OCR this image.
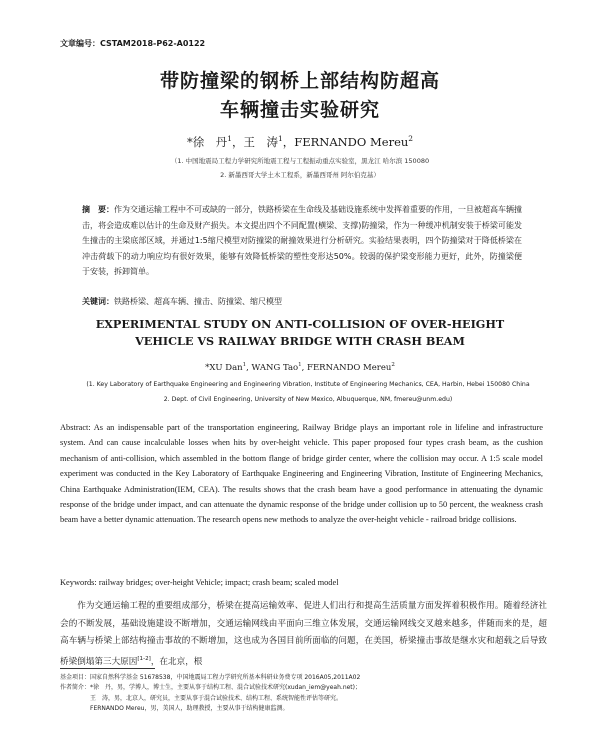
文章编号：CSTAM2018-P62-A0122
带防撞梁的钢桥上部结构防超高
车辆撞击实验研究
*徐　丹$^1$，王　涛$^1$，FERNANDO Mereu$^2$
（1. 中国地震局工程力学研究所地震工程与工程振动重点实验室，黑龙江 哈尔滨 150080
2. 新墨西哥大学土木工程系，新墨西哥州 阿尔伯克基）
摘　要：作为交通运输工程中不可或缺的一部分，铁路桥梁在生命线及基础设施系统中发挥着重要的作用，一旦被超高车辆撞击，将会造成难以估计的生命及财产损失。本文提出四个不同配置(横梁、支撑)防撞梁，作为一种缓冲机制安装于桥梁可能发生撞击的主梁底部区域，并通过1:5缩尺模型对防撞梁的耐撞效果进行分析研究。实验结果表明，四个防撞梁对于降低桥梁在冲击荷载下的动力响应均有很好效果，能够有效降低桥梁的塑性变形达50%。较弱的保护梁变形能力更好，此外，防撞梁便于安装，拆卸简单。
关键词：铁路桥梁、超高车辆、撞击、防撞梁、缩尺模型
EXPERIMENTAL STUDY ON ANTI-COLLISION OF OVER-HEIGHT
VEHICLE VS RAILWAY BRIDGE WITH CRASH BEAM
*XU Dan$^1$, WANG Tao$^1$, FERNANDO Mereu$^2$
(1. Key Laboratory of Earthquake Engineering and Engineering Vibration, Institute of Engineering Mechanics, CEA, Harbin, Hebei 150080 China
2. Dept. of Civil Engineering, University of New Mexico, Albuquerque, NM, fmereu@unm.edu)
Abstract: As an indispensable part of the transportation engineering, Railway Bridge plays an important role in lifeline and infrastructure system. And can cause incalculable losses when hits by over-height vehicle. This paper proposed four types crash beam, as the cushion mechanism of anti-collision, which assembled in the bottom flange of bridge girder center, where the collision may occur. A 1:5 scale model experiment was conducted in the Key Laboratory of Earthquake Engineering and Engineering Vibration, Institute of Engineering Mechanics, China Earthquake Administration(IEM, CEA). The results shows that the crash beam have a good performance in attenuating the dynamic response of the bridge under impact, and can attenuate the dynamic response of the bridge under collision up to 50 percent, the weakness crash beam have a better dynamic attenuation. The research opens new methods to analyze the over-height vehicle - railroad bridge collisions.
Keywords: railway bridges; over-height Vehicle; impact; crash beam; scaled model
作为交通运输工程的重要组成部分，桥梁在提高运输效率、促进人们出行和提高生活质量方面发挥着积极作用。随着经济社会的不断发展，基础设施建设不断增加，交通运输网线由平面向三维立体发展，交通运输网线交叉越来越多，伴随而来的是，超高车辆与桥梁上部结构撞击事故的不断增加，这也成为各国目前所面临的问题，在美国，桥梁撞击事故是继水灾和超载之后导致桥梁倒塌第三大原因[1-2]，在北京，根
基金项目：国家自然科学基金 51678538，中国地震局工程力学研究所基本科研业务费专项 2016A05,2011A02
作者简介：*徐　丹，男，学博人，博士生，主要从事于结构工程、混合试验技术研究(xudan_iem@yeah.net)；
　　　　　王　涛，男，北京人，研究员，主要从事于混合试验技术、结构工程、系统智能性评估等研究。
　　　　　FERNANDO Mereu，男，美国人，助理教授，主要从事于结构健康监测。
